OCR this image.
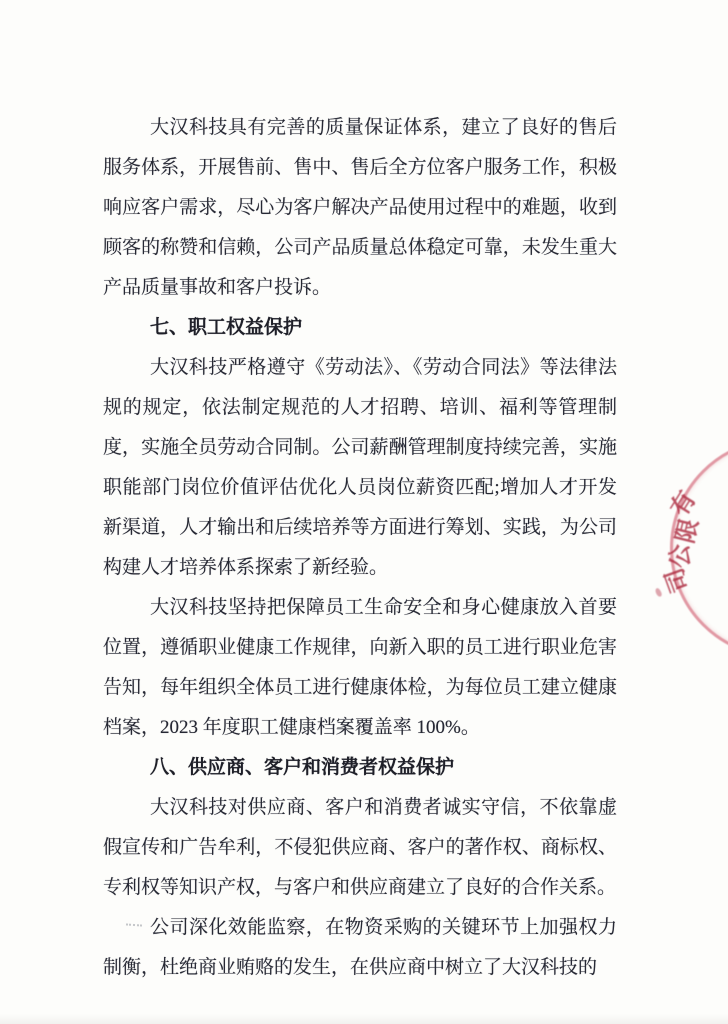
大汉科技具有完善的质量保证体系，建立了良好的售后服务体系，开展售前、售中、售后全方位客户服务工作，积极响应客户需求，尽心为客户解决产品使用过程中的难题，收到顾客的称赞和信赖，公司产品质量总体稳定可靠，未发生重大产品质量事故和客户投诉。

七、职工权益保护

大汉科技严格遵守《劳动法》、《劳动合同法》等法律法规的规定，依法制定规范的人才招聘、培训、福利等管理制度，实施全员劳动合同制。公司薪酬管理制度持续完善，实施职能部门岗位价值评估优化人员岗位薪资匹配;增加人才开发新渠道，人才输出和后续培养等方面进行筹划、实践，为公司构建人才培养体系探索了新经验。

大汉科技坚持把保障员工生命安全和身心健康放入首要位置，遵循职业健康工作规律，向新入职的员工进行职业危害告知，每年组织全体员工进行健康体检，为每位员工建立健康档案，2023 年度职工健康档案覆盖率 100%。

八、供应商、客户和消费者权益保护

大汉科技对供应商、客户和消费者诚实守信，不依靠虚假宣传和广告牟利，不侵犯供应商、客户的著作权、商标权、专利权等知识产权，与客户和供应商建立了良好的合作关系。

公司深化效能监察，在物资采购的关键环节上加强权力制衡，杜绝商业贿赂的发生，在供应商中树立了大汉科技的

有
限
公
司
